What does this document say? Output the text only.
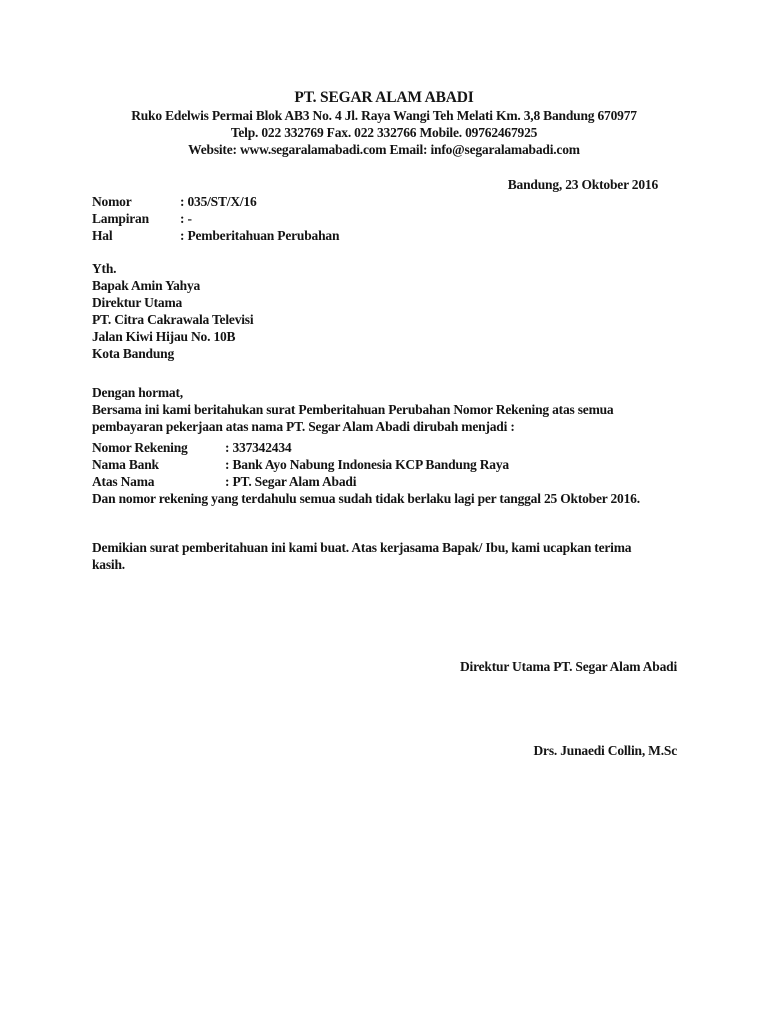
PT. SEGAR ALAM ABADI
Ruko Edelwis Permai Blok AB3 No. 4 Jl. Raya Wangi Teh Melati Km. 3,8 Bandung 670977
Telp. 022 332769 Fax. 022 332766 Mobile. 09762467925
Website: www.segaralamabadi.com Email: info@segaralamabadi.com
Bandung, 23 Oktober 2016
Nomor	: 035/ST/X/16
Lampiran	: -
Hal	: Pemberitahuan Perubahan
Yth.
Bapak Amin Yahya
Direktur Utama
PT. Citra Cakrawala Televisi
Jalan Kiwi Hijau No. 10B
Kota Bandung
Dengan hormat,
Bersama ini kami beritahukan surat Pemberitahuan Perubahan Nomor Rekening atas semua
pembayaran pekerjaan atas nama PT. Segar Alam Abadi dirubah menjadi :
Nomor Rekening	: 337342434
Nama Bank	: Bank Ayo Nabung Indonesia KCP Bandung Raya
Atas Nama	: PT. Segar Alam Abadi
Dan nomor rekening yang terdahulu semua sudah tidak berlaku lagi per tanggal 25 Oktober 2016.
Demikian surat pemberitahuan ini kami buat. Atas kerjasama Bapak/ Ibu, kami ucapkan terima
kasih.
Direktur Utama PT. Segar Alam Abadi
Drs. Junaedi Collin, M.Sc
